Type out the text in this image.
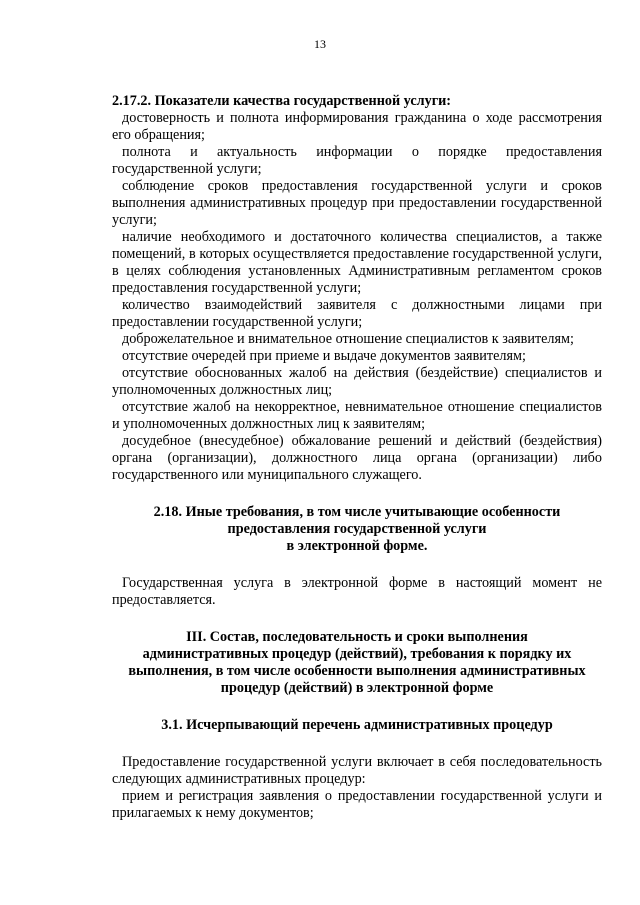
13

2.17.2. Показатели качества государственной услуги:

достоверность и полнота информирования гражданина о ходе рассмотрения его обращения;

полнота и актуальность информации о порядке предоставления государственной услуги;

соблюдение сроков предоставления государственной услуги и сроков выполнения административных процедур при предоставлении государственной услуги;

наличие необходимого и достаточного количества специалистов, а также помещений, в которых осуществляется предоставление государственной услуги, в целях соблюдения установленных Административным регламентом сроков предоставления государственной услуги;

количество взаимодействий заявителя с должностными лицами при предоставлении государственной услуги;

доброжелательное и внимательное отношение специалистов к заявителям;

отсутствие очередей при приеме и выдаче документов заявителям;

отсутствие обоснованных жалоб на действия (бездействие) специалистов и уполномоченных должностных лиц;

отсутствие жалоб на некорректное, невнимательное отношение специалистов и уполномоченных должностных лиц к заявителям;

досудебное (внесудебное) обжалование решений и действий (бездействия) органа (организации), должностного лица органа (организации) либо государственного или муниципального служащего.

2.18. Иные требования, в том числе учитывающие особенности

предоставления государственной услуги

в электронной форме.

Государственная услуга в электронной форме в настоящий момент не предоставляется.

III. Состав, последовательность и сроки выполнения

административных процедур (действий), требования к порядку их

выполнения, в том числе особенности выполнения административных

процедур (действий) в электронной форме

3.1. Исчерпывающий перечень административных процедур

Предоставление государственной услуги включает в себя последовательность следующих административных процедур:

прием и регистрация заявления о предоставлении государственной услуги и прилагаемых к нему документов;
